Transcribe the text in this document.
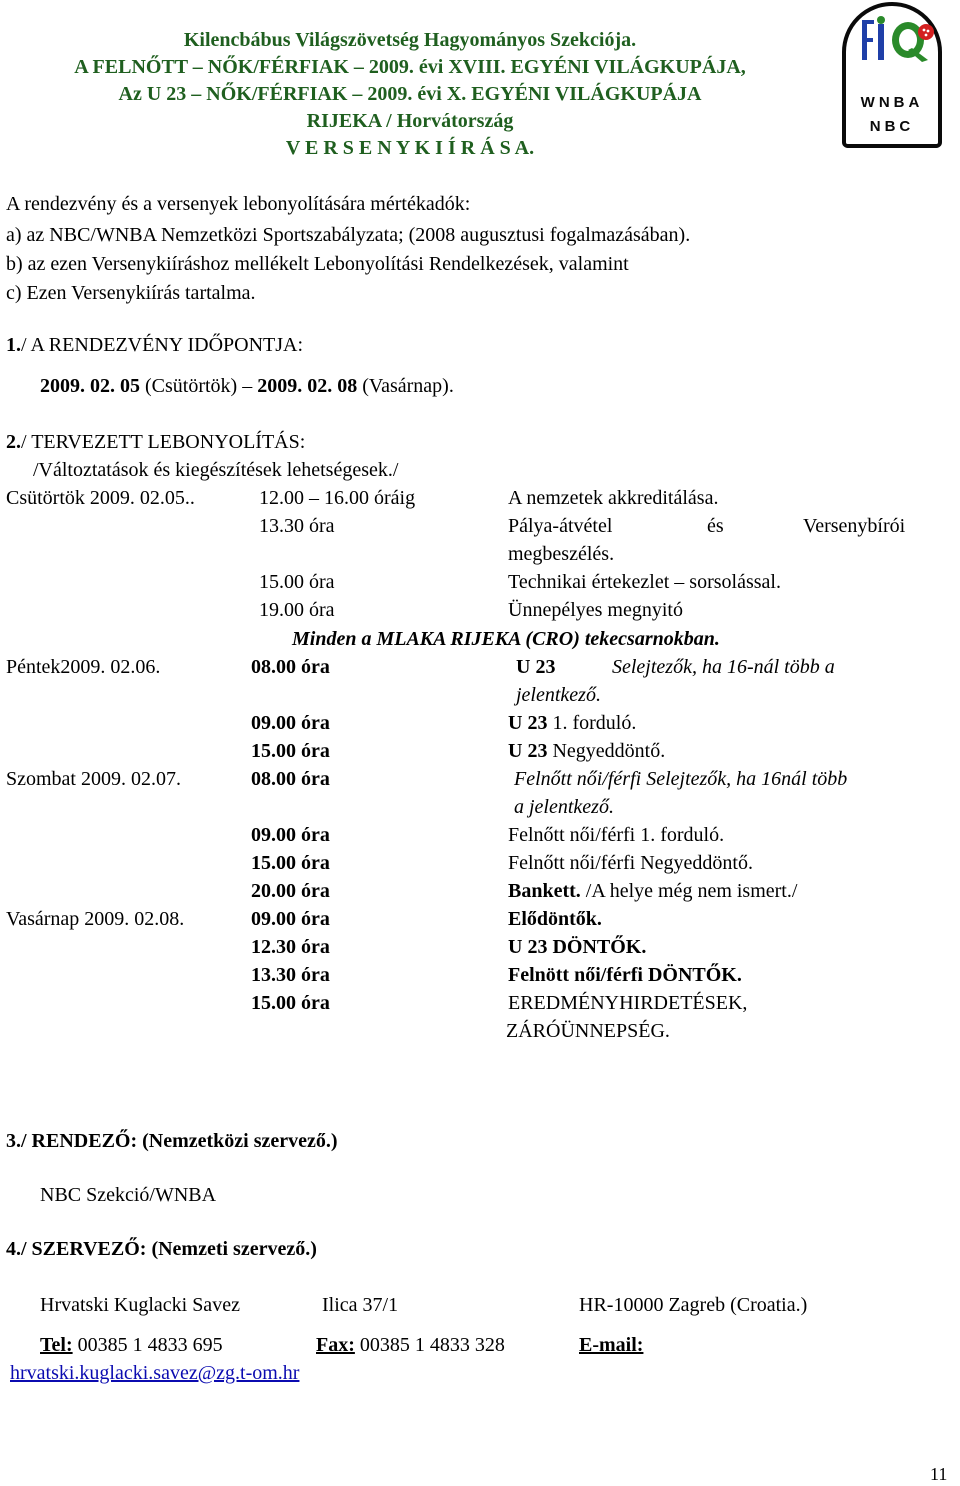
Kilencbábus Világszövetség Hagyományos Szekciója.
A FELNŐTT – NŐK/FÉRFIAK – 2009. évi XVIII. EGYÉNI VILÁGKUPÁJA,
Az U 23 – NŐK/FÉRFIAK – 2009. évi X. EGYÉNI VILÁGKUPÁJA
RIJEKA / Horvátország
V E R S E N Y K I Í R Á S A.
WNBA
NBC
A rendezvény és a versenyek lebonyolítására mértékadók:
a) az NBC/WNBA Nemzetközi Sportszabályzata; (2008 augusztusi fogalmazásában).
b) az ezen Versenykiíráshoz mellékelt Lebonyolítási Rendelkezések, valamint
c) Ezen Versenykiírás tartalma.
1./ A RENDEZVÉNY IDŐPONTJA:
2009. 02. 05 (Csütörtök) – 2009. 02. 08 (Vasárnap).
2./ TERVEZETT LEBONYOLÍTÁS:
/Változtatások és kiegészítések lehetségesek./
Csütörtök 2009. 02.05..	12.00 – 16.00 óráig	A nemzetek akkreditálása.
13.30 óra	Pálya-átvétel	és	Versenybírói
megbeszélés.
15.00 óra	Technikai értekezlet – sorsolással.
19.00 óra	Ünnepélyes megnyitó
Minden a MLAKA RIJEKA (CRO) tekecsarnokban.
Péntek2009. 02.06.	08.00 óra	U 23	Selejtezők, ha 16-nál több a
jelentkező.
09.00 óra	U 23 1. forduló.
15.00 óra	U 23 Negyeddöntő.
Szombat 2009. 02.07.	08.00 óra	Felnőtt női/férfi Selejtezők, ha 16nál több
a jelentkező.
09.00 óra	Felnőtt női/férfi 1. forduló.
15.00 óra	Felnőtt női/férfi Negyeddöntő.
20.00 óra	Bankett. /A helye még nem ismert./
Vasárnap 2009. 02.08.	09.00 óra	Elődöntők.
12.30 óra	U 23 DÖNTŐK.
13.30 óra	Felnött női/férfi DÖNTŐK.
15.00 óra	EREDMÉNYHIRDETÉSEK,
ZÁRÓÜNNEPSÉG.
3./ RENDEZŐ: (Nemzetközi szervező.)
NBC Szekció/WNBA
4./ SZERVEZŐ: (Nemzeti szervező.)
Hrvatski Kuglacki Savez	Ilica 37/1	HR-10000 Zagreb (Croatia.)
Tel: 00385 1 4833 695	Fax: 00385 1 4833 328	E-mail:
hrvatski.kuglacki.savez@zg.t-om.hr
11
